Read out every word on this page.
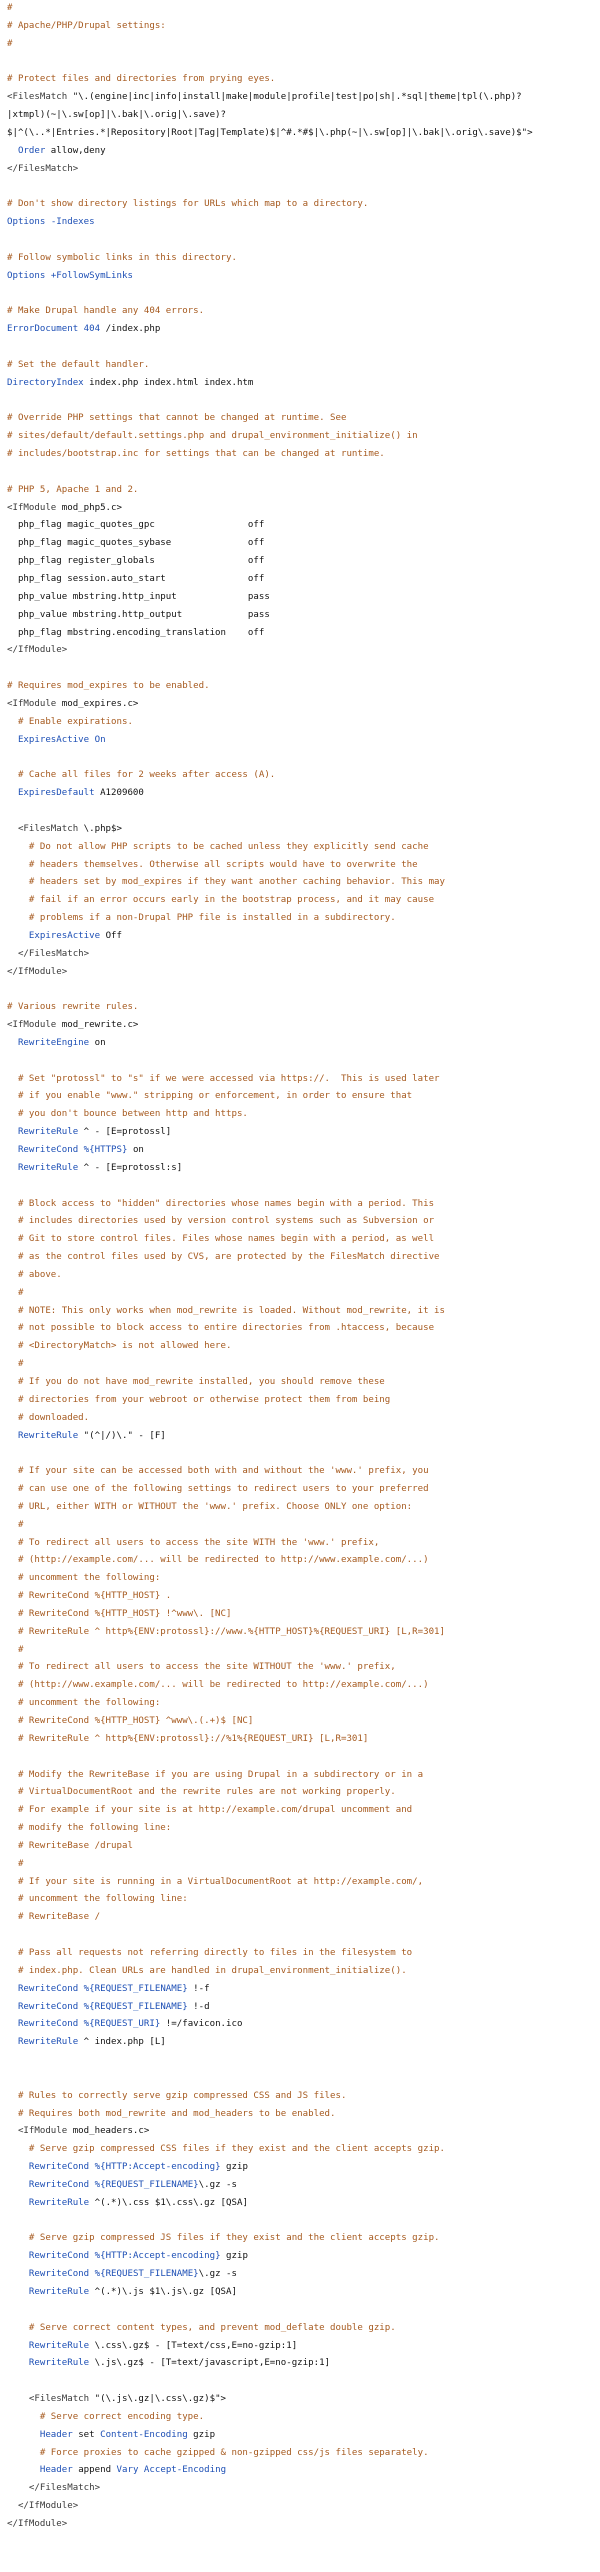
#
# Apache/PHP/Drupal settings:
#
# Protect files and directories from prying eyes.
<FilesMatch "\.(engine|inc|info|install|make|module|profile|test|po|sh|.*sql|theme|tpl(\.php)?
|xtmpl)(~|\.sw[op]|\.bak|\.orig|\.save)?
$|^(\..*|Entries.*|Repository|Root|Tag|Template)$|^#.*#$|\.php(~|\.sw[op]|\.bak|\.orig\.save)$">
Order allow,deny
</FilesMatch>
# Don't show directory listings for URLs which map to a directory.
Options -Indexes
# Follow symbolic links in this directory.
Options +FollowSymLinks
# Make Drupal handle any 404 errors.
ErrorDocument 404 /index.php
# Set the default handler.
DirectoryIndex index.php index.html index.htm
# Override PHP settings that cannot be changed at runtime. See
# sites/default/default.settings.php and drupal_environment_initialize() in
# includes/bootstrap.inc for settings that can be changed at runtime.
# PHP 5, Apache 1 and 2.
<IfModule mod_php5.c>
php_flag magic_quotes_gpc                 off
php_flag magic_quotes_sybase              off
php_flag register_globals                 off
php_flag session.auto_start               off
php_value mbstring.http_input             pass
php_value mbstring.http_output            pass
php_flag mbstring.encoding_translation    off
</IfModule>
# Requires mod_expires to be enabled.
<IfModule mod_expires.c>
# Enable expirations.
ExpiresActive On
# Cache all files for 2 weeks after access (A).
ExpiresDefault A1209600
<FilesMatch \.php$>
# Do not allow PHP scripts to be cached unless they explicitly send cache
# headers themselves. Otherwise all scripts would have to overwrite the
# headers set by mod_expires if they want another caching behavior. This may
# fail if an error occurs early in the bootstrap process, and it may cause
# problems if a non-Drupal PHP file is installed in a subdirectory.
ExpiresActive Off
</FilesMatch>
</IfModule>
# Various rewrite rules.
<IfModule mod_rewrite.c>
RewriteEngine on
# Set "protossl" to "s" if we were accessed via https://.  This is used later
# if you enable "www." stripping or enforcement, in order to ensure that
# you don't bounce between http and https.
RewriteRule ^ - [E=protossl]
RewriteCond %{HTTPS} on
RewriteRule ^ - [E=protossl:s]
# Block access to "hidden" directories whose names begin with a period. This
# includes directories used by version control systems such as Subversion or
# Git to store control files. Files whose names begin with a period, as well
# as the control files used by CVS, are protected by the FilesMatch directive
# above.
#
# NOTE: This only works when mod_rewrite is loaded. Without mod_rewrite, it is
# not possible to block access to entire directories from .htaccess, because
# <DirectoryMatch> is not allowed here.
#
# If you do not have mod_rewrite installed, you should remove these
# directories from your webroot or otherwise protect them from being
# downloaded.
RewriteRule "(^|/)\." - [F]
# If your site can be accessed both with and without the 'www.' prefix, you
# can use one of the following settings to redirect users to your preferred
# URL, either WITH or WITHOUT the 'www.' prefix. Choose ONLY one option:
#
# To redirect all users to access the site WITH the 'www.' prefix,
# (http://example.com/... will be redirected to http://www.example.com/...)
# uncomment the following:
# RewriteCond %{HTTP_HOST} .
# RewriteCond %{HTTP_HOST} !^www\. [NC]
# RewriteRule ^ http%{ENV:protossl}://www.%{HTTP_HOST}%{REQUEST_URI} [L,R=301]
#
# To redirect all users to access the site WITHOUT the 'www.' prefix,
# (http://www.example.com/... will be redirected to http://example.com/...)
# uncomment the following:
# RewriteCond %{HTTP_HOST} ^www\.(.+)$ [NC]
# RewriteRule ^ http%{ENV:protossl}://%1%{REQUEST_URI} [L,R=301]
# Modify the RewriteBase if you are using Drupal in a subdirectory or in a
# VirtualDocumentRoot and the rewrite rules are not working properly.
# For example if your site is at http://example.com/drupal uncomment and
# modify the following line:
# RewriteBase /drupal
#
# If your site is running in a VirtualDocumentRoot at http://example.com/,
# uncomment the following line:
# RewriteBase /
# Pass all requests not referring directly to files in the filesystem to
# index.php. Clean URLs are handled in drupal_environment_initialize().
RewriteCond %{REQUEST_FILENAME} !-f
RewriteCond %{REQUEST_FILENAME} !-d
RewriteCond %{REQUEST_URI} !=/favicon.ico
RewriteRule ^ index.php [L]
# Rules to correctly serve gzip compressed CSS and JS files.
# Requires both mod_rewrite and mod_headers to be enabled.
<IfModule mod_headers.c>
# Serve gzip compressed CSS files if they exist and the client accepts gzip.
RewriteCond %{HTTP:Accept-encoding} gzip
RewriteCond %{REQUEST_FILENAME}\.gz -s
RewriteRule ^(.*)\.css $1\.css\.gz [QSA]
# Serve gzip compressed JS files if they exist and the client accepts gzip.
RewriteCond %{HTTP:Accept-encoding} gzip
RewriteCond %{REQUEST_FILENAME}\.gz -s
RewriteRule ^(.*)\.js $1\.js\.gz [QSA]
# Serve correct content types, and prevent mod_deflate double gzip.
RewriteRule \.css\.gz$ - [T=text/css,E=no-gzip:1]
RewriteRule \.js\.gz$ - [T=text/javascript,E=no-gzip:1]
<FilesMatch "(\.js\.gz|\.css\.gz)$">
# Serve correct encoding type.
Header set Content-Encoding gzip
# Force proxies to cache gzipped & non-gzipped css/js files separately.
Header append Vary Accept-Encoding
</FilesMatch>
</IfModule>
</IfModule>
